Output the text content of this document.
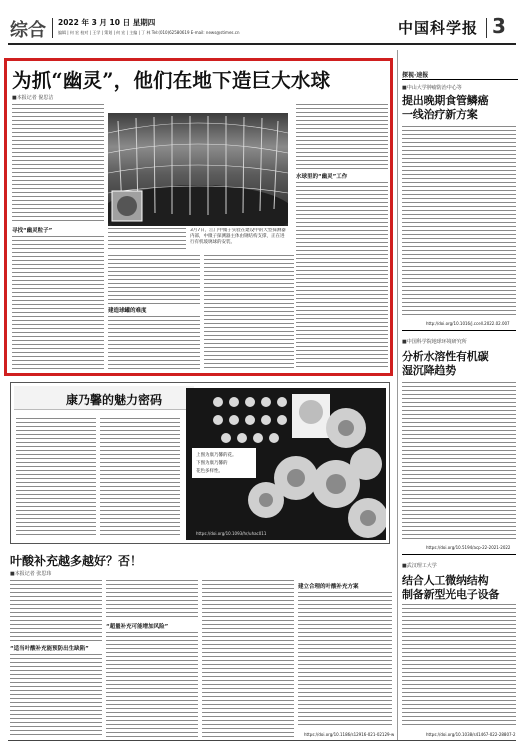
综合 2022 年 3 月 10 日 星期四
编辑 | 何 宏 校对 | 王学 | 策划 | 何 宏 | 主编 | 丁 林 Tel:(010)62580619 E-mail: news@stimes.cn	中国科学报 3
为抓“幽灵”，他们在地下造巨大水球
■本报记者 倪思洁
寻找“幽灵粒子”	3月7日，江门中微子实验在建设中的大型探测器内部，中微子探测器主体由钢结构支撑，正在进行有机玻璃球的安装。
建造球罐的难度
水球里的“幽灵”工作
探视·速报
■中山大学肿瘤防治中心等
提出晚期食管鳞癌
一线治疗新方案
http://doi.org/10.1016/j.ccell.2022.02.007
■中国科学院地球环境研究所
分析水溶性有机碳
湿沉降趋势
https://doi.org/10.5194/acp-22-2021-2022
■武汉理工大学
结合人工微纳结构
制备新型光电子设备
https://doi.org/10.1038/s41467-022-28807-2
康乃馨的魅力密码
上图为康乃馨的花。
下图为康乃馨的
花色多样性。
https://doi.org/10.1093/hr/uhac011
叶酸补充越多越好？否！
■本报记者 张思玮
“适当叶酸补充能预防出生缺陷”
“超量补充可能增加风险”
建立合理的叶酸补充方案
https://doi.org/10.1186/s12916-021-02129-w
